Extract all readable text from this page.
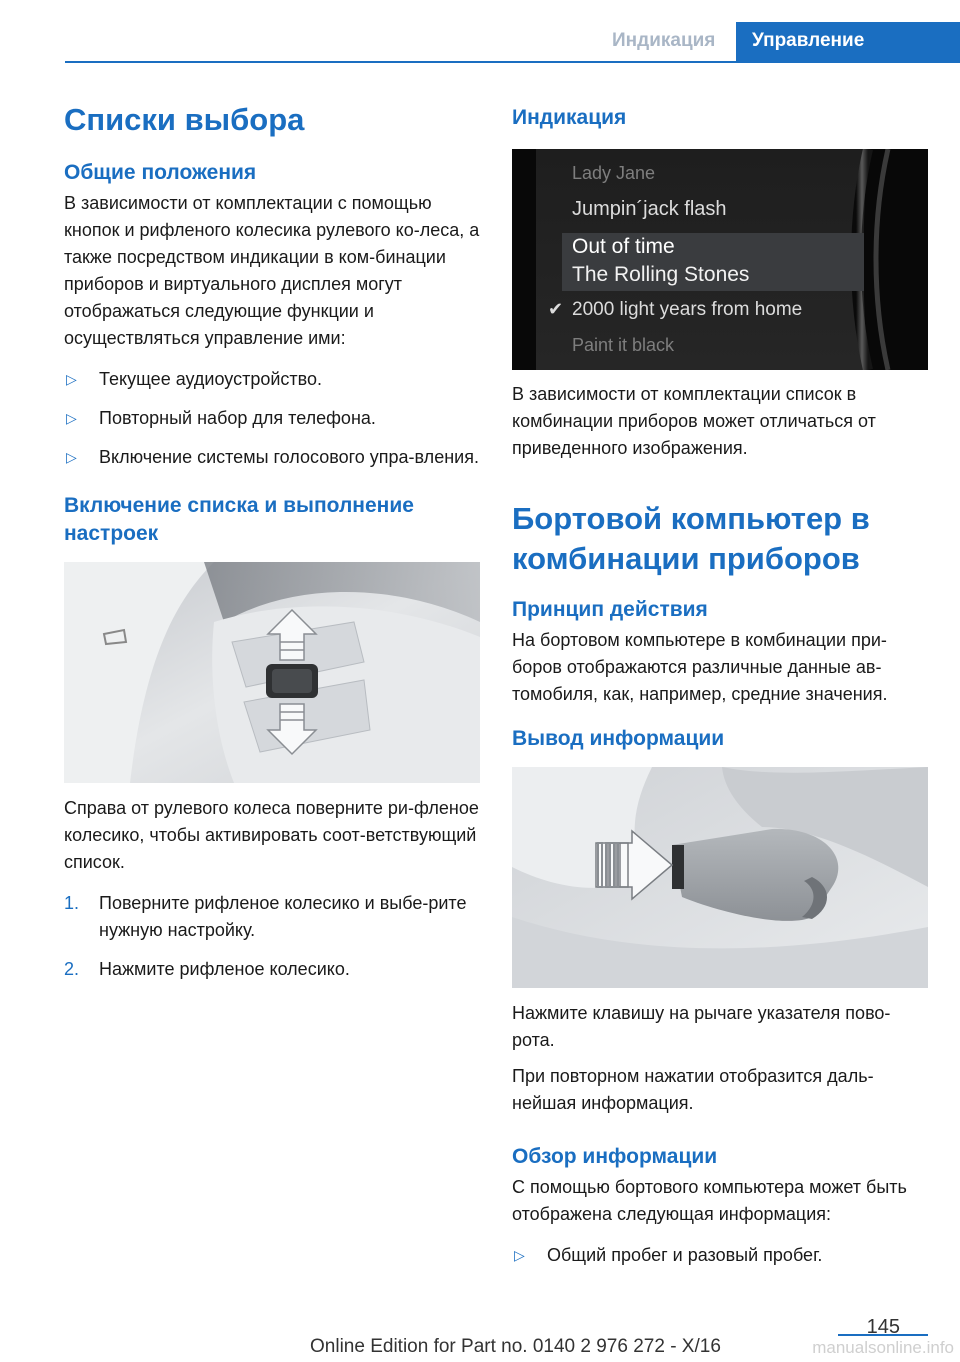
Индикация Управление
Списки выбора
Общие положения

В зависимости от комплектации с помощью кнопок и рифленого колесика рулевого ко-леса, а также посредством индикации в ком-бинации приборов и виртуального дисплея могут отображаться следующие функции и осуществляться управление ими:

▷ Текущее аудиоустройство.
▷ Повторный набор для телефона.
▷ Включение системы голосового упра-вления.
Включение списка и выполнение настроек

Справа от рулевого колеса поверните ри-фленое колесико, чтобы активировать соот-ветствующий список.

1. Поверните рифленое колесико и выбе-рите нужную настройку.
2. Нажмите рифленое колесико.
Индикация
Lady Jane
Jumpin´jack flash
Out of time
The Rolling Stones
✔ 2000 light years from home
Paint it black

В зависимости от комплектации список в комбинации приборов может отличаться от приведенного изображения.

Бортовой компьютер в комбинации приборов
Принцип действия

На бортовом компьютере в комбинации при-боров отображаются различные данные ав-томобиля, как, например, средние значения.

Вывод информации

Нажмите клавишу на рычаге указателя пово-рота.

При повторном нажатии отобразится даль-нейшая информация.

Обзор информации

С помощью бортового компьютера может быть отображена следующая информация:

▷ Общий пробег и разовый пробег.
145
Online Edition for Part no. 0140 2 976 272 - X/16	manualsonline.info
